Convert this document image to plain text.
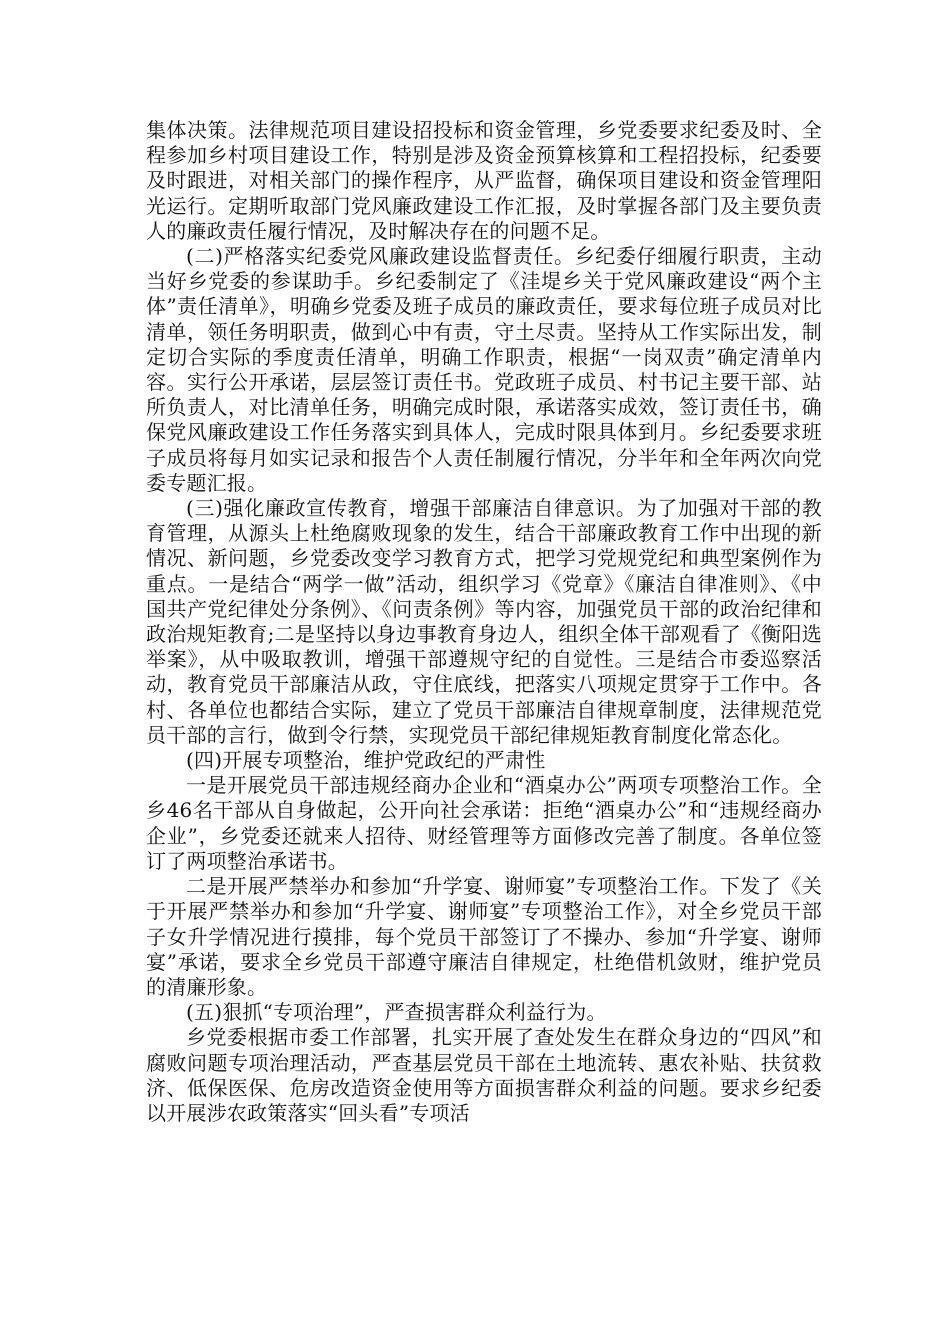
集体决策。法律规范项目建设招投标和资金管理，乡党委要求纪委及时、全程参加乡村项目建设工作，特别是涉及资金预算核算和工程招投标，纪委要及时跟进，对相关部门的操作程序，从严监督，确保项目建设和资金管理阳光运行。定期听取部门党风廉政建设工作汇报，及时掌握各部门及主要负责人的廉政责任履行情况，及时解决存在的问题不足。

(二)严格落实纪委党风廉政建设监督责任。乡纪委仔细履行职责，主动当好乡党委的参谋助手。乡纪委制定了《洼堤乡关于党风廉政建设“两个主体”责任清单》，明确乡党委及班子成员的廉政责任，要求每位班子成员对比清单，领任务明职责，做到心中有责，守土尽责。坚持从工作实际出发，制定切合实际的季度责任清单，明确工作职责，根据“一岗双责”确定清单内容。实行公开承诺，层层签订责任书。党政班子成员、村书记主要干部、站所负责人，对比清单任务，明确完成时限，承诺落实成效，签订责任书，确保党风廉政建设工作任务落实到具体人，完成时限具体到月。乡纪委要求班子成员将每月如实记录和报告个人责任制履行情况，分半年和全年两次向党委专题汇报。

(三)强化廉政宣传教育，增强干部廉洁自律意识。为了加强对干部的教育管理，从源头上杜绝腐败现象的发生，结合干部廉政教育工作中出现的新情况、新问题，乡党委改变学习教育方式，把学习党规党纪和典型案例作为重点。一是结合“两学一做”活动，组织学习《党章》《廉洁自律准则》、《中国共产党纪律处分条例》、《问责条例》等内容，加强党员干部的政治纪律和政治规矩教育;二是坚持以身边事教育身边人，组织全体干部观看了《衡阳选举案》，从中吸取教训，增强干部遵规守纪的自觉性。三是结合市委巡察活动，教育党员干部廉洁从政，守住底线，把落实八项规定贯穿于工作中。各村、各单位也都结合实际，建立了党员干部廉洁自律规章制度，法律规范党员干部的言行，做到令行禁，实现党员干部纪律规矩教育制度化常态化。

(四)开展专项整治，维护党政纪的严肃性

一是开展党员干部违规经商办企业和“酒桌办公”两项专项整治工作。全乡46名干部从自身做起，公开向社会承诺：拒绝“酒桌办公”和“违规经商办企业”，乡党委还就来人招待、财经管理等方面修改完善了制度。各单位签订了两项整治承诺书。

二是开展严禁举办和参加“升学宴、谢师宴”专项整治工作。下发了《关于开展严禁举办和参加“升学宴、谢师宴”专项整治工作》，对全乡党员干部子女升学情况进行摸排，每个党员干部签订了不操办、参加“升学宴、谢师宴”承诺，要求全乡党员干部遵守廉洁自律规定，杜绝借机敛财，维护党员的清廉形象。

(五)狠抓“专项治理”，严查损害群众利益行为。

乡党委根据市委工作部署，扎实开展了查处发生在群众身边的“四风”和腐败问题专项治理活动，严查基层党员干部在土地流转、惠农补贴、扶贫救济、低保医保、危房改造资金使用等方面损害群众利益的问题。要求乡纪委以开展涉农政策落实“回头看”专项活
